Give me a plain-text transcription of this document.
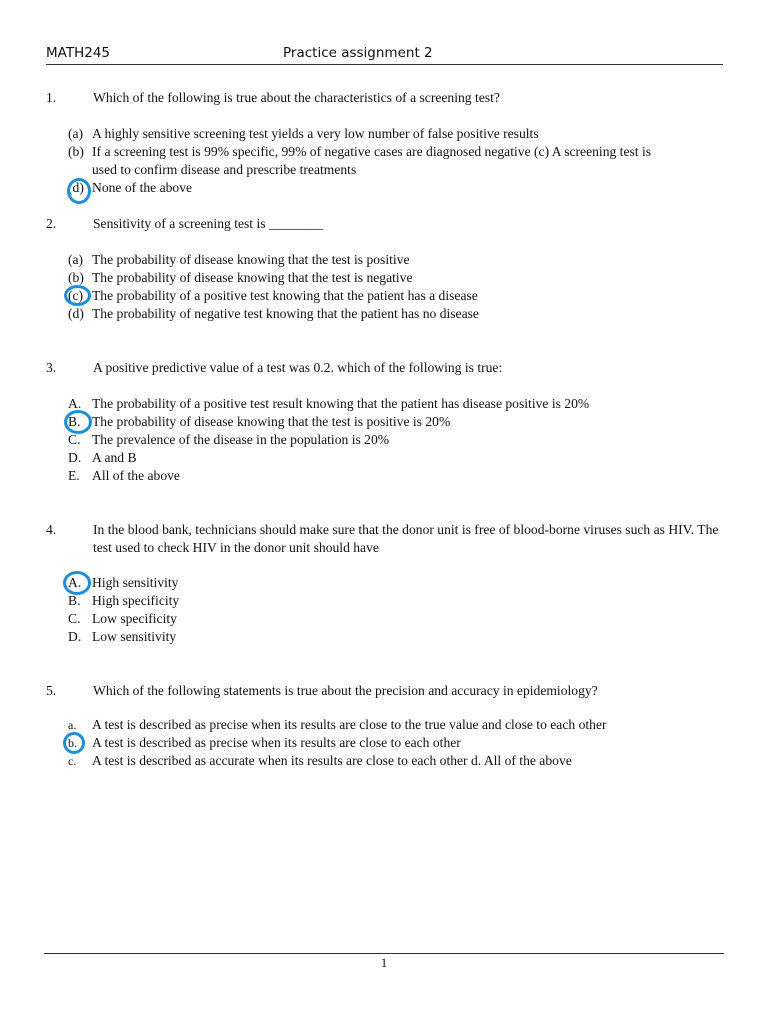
MATH245	Practice assignment 2
1.	Which of the following is true about the characteristics of a screening test?
(a) A highly sensitive screening test yields a very low number of false positive results
(b) If a screening test is 99% specific, 99% of negative cases are diagnosed negative (c) A screening test is used to confirm disease and prescribe treatments
(d) None of the above
2.	Sensitivity of a screening test is ________
(a) The probability of disease knowing that the test is positive
(b) The probability of disease knowing that the test is negative
(c) The probability of a positive test knowing that the patient has a disease
(d) The probability of negative test knowing that the patient has no disease
3.	A positive predictive value of a test was 0.2. which of the following is true:
A. The probability of a positive test result knowing that the patient has disease positive is 20%
B. The probability of disease knowing that the test is positive is 20%
C. The prevalence of the disease in the population is 20%
D. A and B
E. All of the above
4.	In the blood bank, technicians should make sure that the donor unit is free of blood-borne viruses such as HIV. The test used to check HIV in the donor unit should have
A. High sensitivity
B. High specificity
C. Low specificity
D. Low sensitivity
5.	Which of the following statements is true about the precision and accuracy in epidemiology?
a. A test is described as precise when its results are close to the true value and close to each other
b. A test is described as precise when its results are close to each other
c. A test is described as accurate when its results are close to each other d. All of the above
1
